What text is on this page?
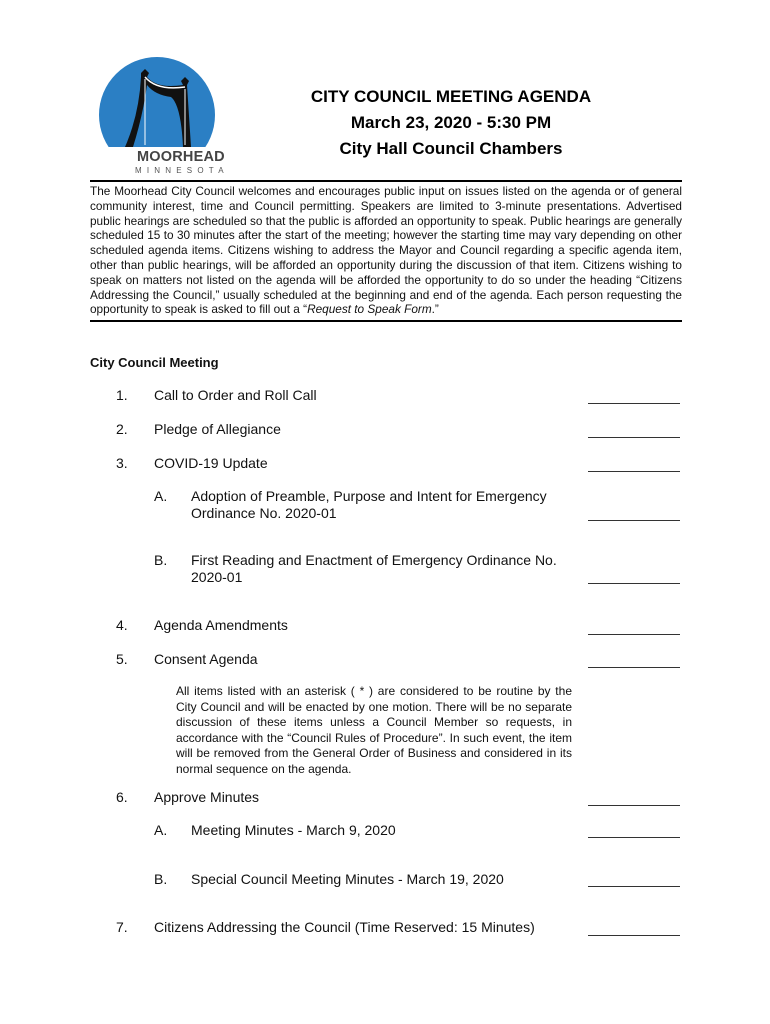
MOORHEAD
MINNESOTA
CITY COUNCIL MEETING AGENDA
March 23, 2020 - 5:30 PM
City Hall Council Chambers
The Moorhead City Council welcomes and encourages public input on issues listed on the agenda or of general community interest, time and Council permitting. Speakers are limited to 3-minute presentations. Advertised public hearings are scheduled so that the public is afforded an opportunity to speak. Public hearings are generally scheduled 15 to 30 minutes after the start of the meeting; however the starting time may vary depending on other scheduled agenda items. Citizens wishing to address the Mayor and Council regarding a specific agenda item, other than public hearings, will be afforded an opportunity during the discussion of that item. Citizens wishing to speak on matters not listed on the agenda will be afforded the opportunity to do so under the heading “Citizens Addressing the Council,” usually scheduled at the beginning and end of the agenda. Each person requesting the opportunity to speak is asked to fill out a “Request to Speak Form.”
City Council Meeting
1. Call to Order and Roll Call
2. Pledge of Allegiance
3. COVID-19 Update
A. Adoption of Preamble, Purpose and Intent for Emergency Ordinance No. 2020-01
B. First Reading and Enactment of Emergency Ordinance No. 2020-01
4. Agenda Amendments
5. Consent Agenda
All items listed with an asterisk ( * ) are considered to be routine by the City Council and will be enacted by one motion. There will be no separate discussion of these items unless a Council Member so requests, in accordance with the “Council Rules of Procedure”. In such event, the item will be removed from the General Order of Business and considered in its normal sequence on the agenda.
6. Approve Minutes
A. Meeting Minutes - March 9, 2020
B. Special Council Meeting Minutes - March 19, 2020
7. Citizens Addressing the Council (Time Reserved: 15 Minutes)
